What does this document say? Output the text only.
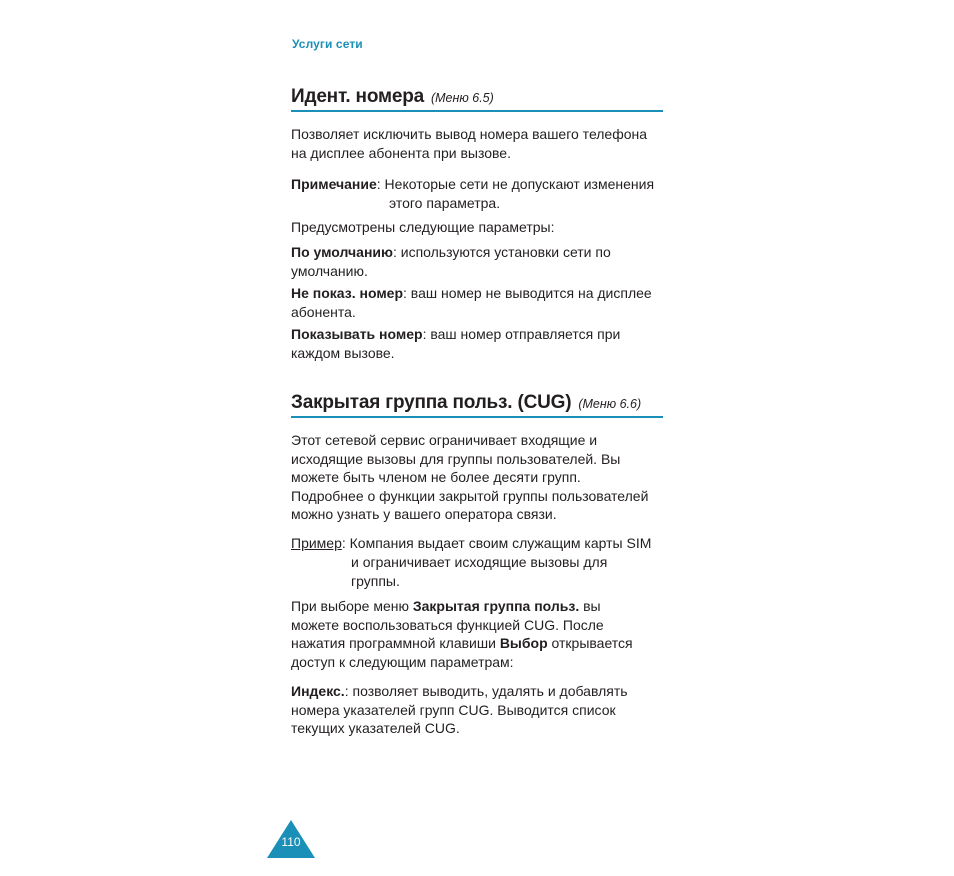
Услуги сети
Идент. номера (Меню 6.5)
Позволяет исключить вывод номера вашего телефона
на дисплее абонента при вызове.
Примечание: Некоторые сети не допускают изменения
этого параметра.
Предусмотрены следующие параметры:
По умолчанию: используются установки сети по
умолчанию.
Не показ. номер: ваш номер не выводится на дисплее
абонента.
Показывать номер: ваш номер отправляется при
каждом вызове.
Закрытая группа польз. (CUG) (Меню 6.6)
Этот сетевой сервис ограничивает входящие и
исходящие вызовы для группы пользователей. Вы
можете быть членом не более десяти групп.
Подробнее о функции закрытой группы пользователей
можно узнать у вашего оператора связи.
Пример: Компания выдает своим служащим карты SIM
и ограничивает исходящие вызовы для
группы.
При выборе меню Закрытая группа польз. вы
можете воспользоваться функцией CUG. После
нажатия программной клавиши Выбор открывается
доступ к следующим параметрам:
Индекс.: позволяет выводить, удалять и добавлять
номера указателей групп CUG. Выводится список
текущих указателей CUG.
110
